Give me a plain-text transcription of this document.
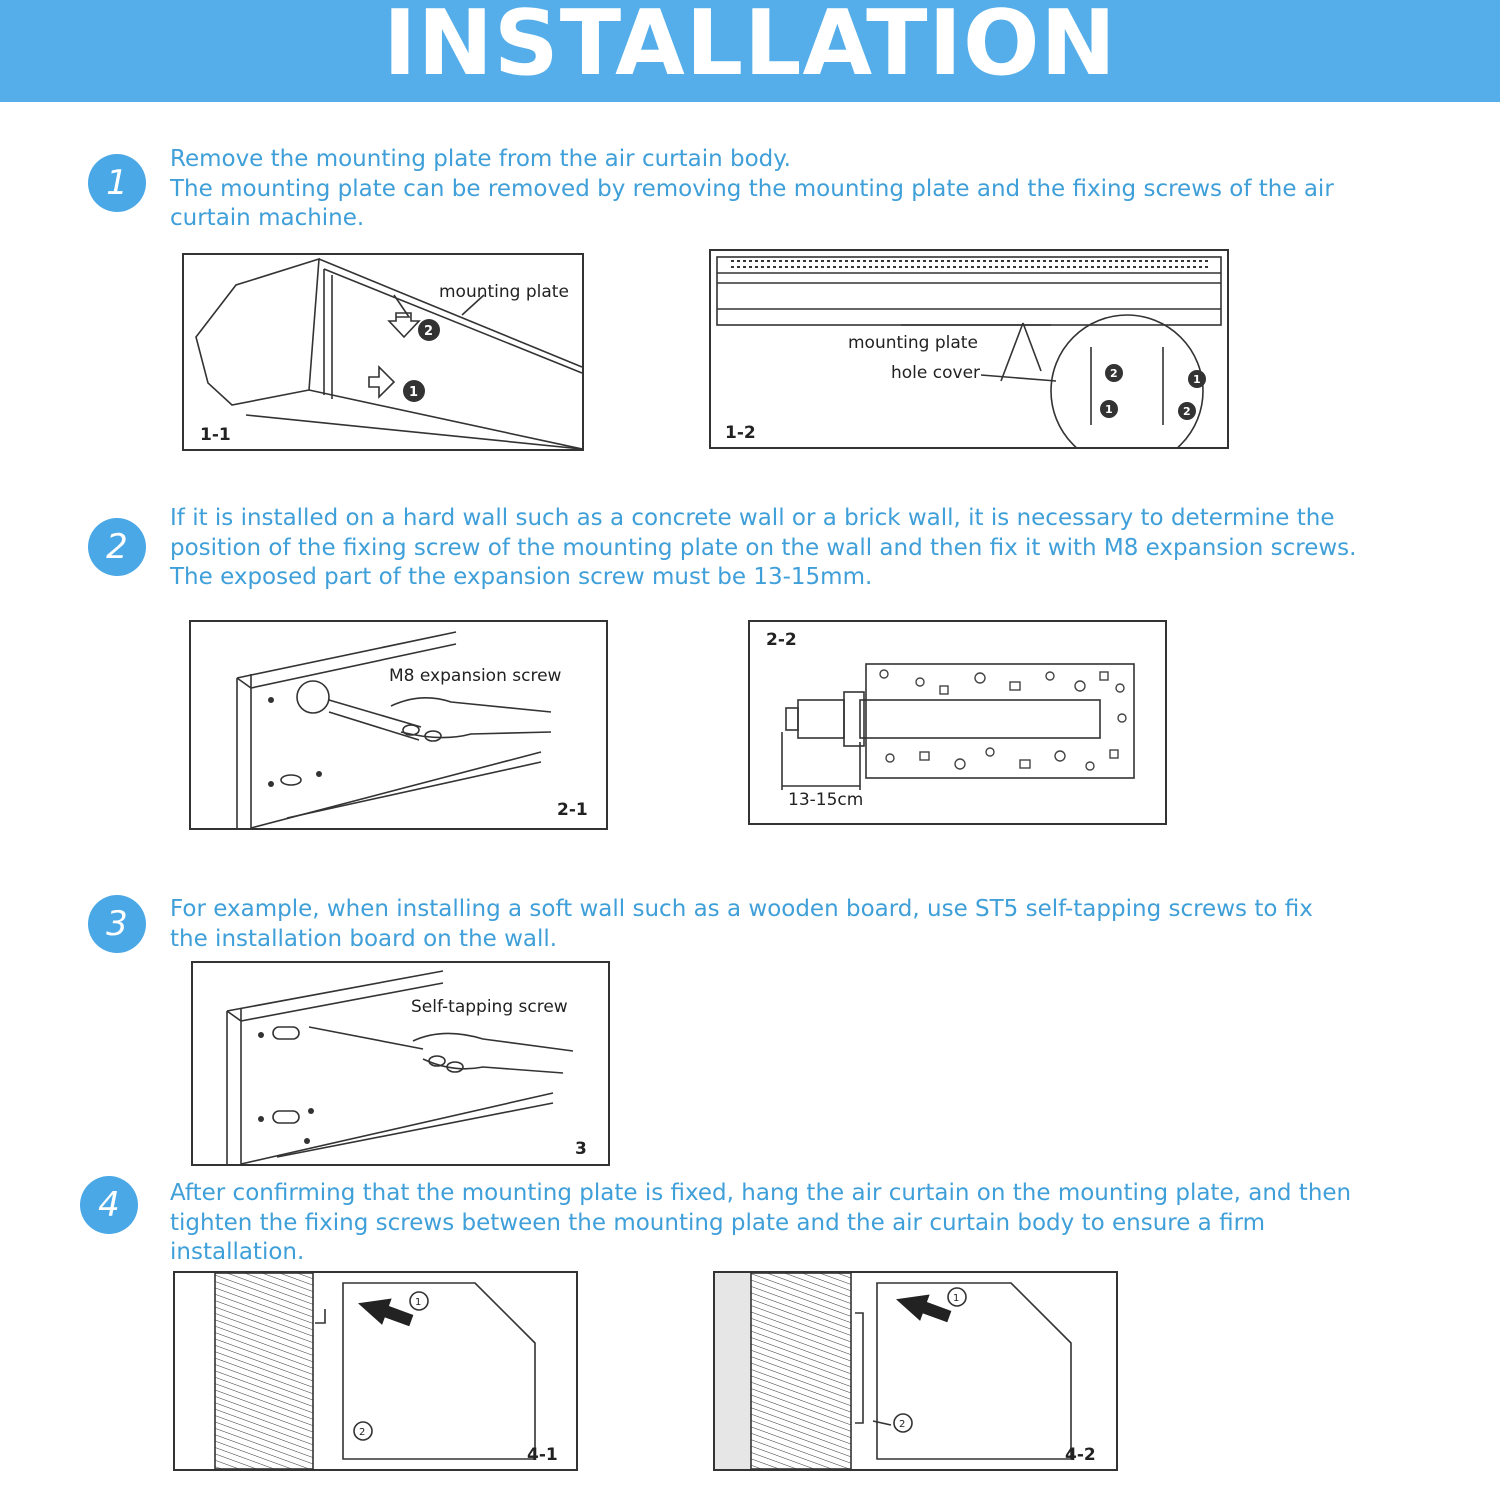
INSTALLATION
1

Remove the mounting plate from the air curtain body.
The mounting plate can be removed by removing the mounting plate and the fixing screws of the air curtain machine.

2
1
mounting plate
1-1
2	1
1	2
mounting plate
hole cover
1-2
2

If it is installed on a hard wall such as a concrete wall or a brick wall, it is necessary to determine the position of the fixing screw of the mounting plate on the wall and then fix it with M8 expansion screws. The exposed part of the expansion screw must be 13-15mm.

M8 expansion screw
2-1
2-2
13-15cm
3	For example, when installing a soft wall such as a wooden board, use ST5 self-tapping screws to fix the installation board on the wall.

Self-tapping screw
3
4	After confirming that the mounting plate is fixed, hang the air curtain on the mounting plate, and then tighten the fixing screws between the mounting plate and the air curtain body to ensure a firm installation.

1
2
4-1
1
2
4-2
